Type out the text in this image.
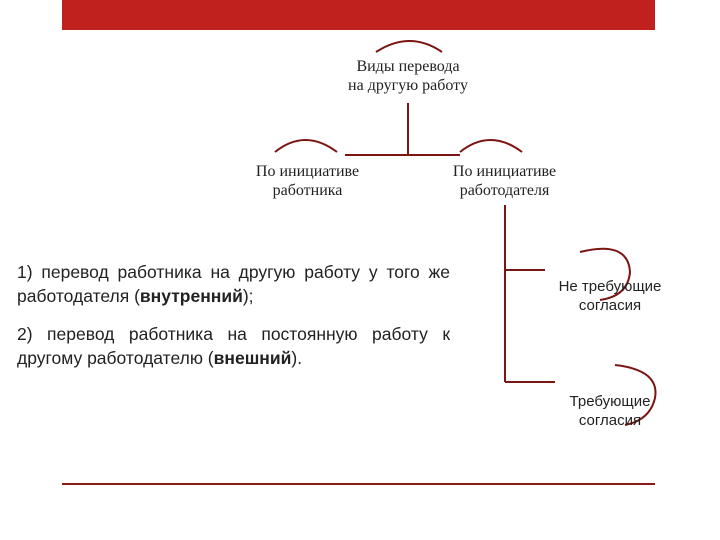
Виды перевода
на другую работу
По инициативе
работника
По инициативе
работодателя
Не требующие
согласия
Требующие
согласия
1) перевод работника на другую работу у того же работодателя (внутренний);
2) перевод работника на постоянную работу к другому работодателю (внешний).
